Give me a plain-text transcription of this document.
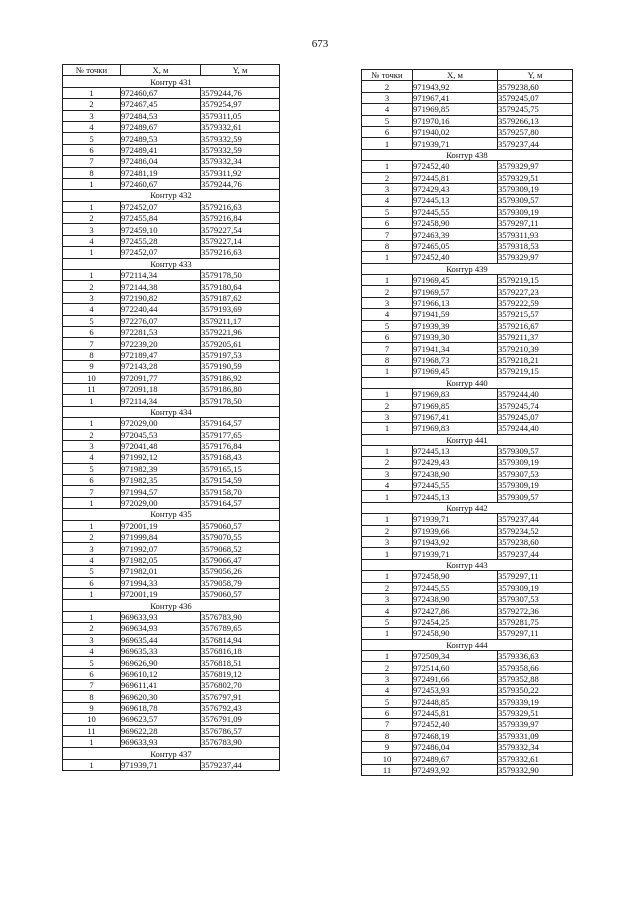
673
№ точки	X, м	Y, м
Контур 431		
1	972460,67	3579244,76
2	972467,45	3579254,97
3	972484,53	3579311,05
4	972489,67	3579332,61
5	972489,53	3579332,59
6	972489,41	3579332,59
7	972486,04	3579332,34
8	972481,19	3579311,92
1	972460,67	3579244,76
Контур 432		
1	972452,07	3579216,63
2	972455,84	3579216,84
3	972459,10	3579227,54
4	972455,28	3579227,14
1	972452,07	3579216,63
Контур 433		
1	972114,34	3579178,50
2	972144,38	3579180,64
3	972190,82	3579187,62
4	972240,44	3579193,69
5	972276,07	3579211,17
6	972281,53	3579221,96
7	972239,20	3579205,61
8	972189,47	3579197,53
9	972143,28	3579190,59
10	972091,77	3579186,92
11	972091,18	3579186,80
1	972114,34	3579178,50
Контур 434		
1	972029,00	3579164,57
2	972045,53	3579177,65
3	972041,48	3579176,84
4	971992,12	3579168,43
5	971982,39	3579165,15
6	971982,35	3579154,59
7	971994,57	3579158,70
1	972029,00	3579164,57
Контур 435		
1	972001,19	3579060,57
2	971999,84	3579070,55
3	971992,07	3579068,52
4	971982,05	3579066,47
5	971982,01	3579056,26
6	971994,33	3579058,79
1	972001,19	3579060,57
Контур 436		
1	969633,93	3576783,90
2	969634,93	3576789,65
3	969635,44	3576814,94
4	969635,33	3576816,18
5	969626,90	3576818,51
6	969610,12	3576819,12
7	969611,41	3576802,70
8	969620,30	3576797,91
9	969618,78	3576792,43
10	969623,57	3576791,09
11	969622,28	3576786,57
1	969633,93	3576783,90
Контур 437		
1	971939,71	3579237,44
№ точки	X, м	Y, м
2	971943,92	3579238,60
3	971967,41	3579245,07
4	971969,85	3579245,75
5	971970,16	3579266,13
6	971940,02	3579257,80
1	971939,71	3579237,44
Контур 438		
1	972452,40	3579329,97
2	972445,81	3579329,51
3	972429,43	3579309,19
4	972445,13	3579309,57
5	972445,55	3579309,19
6	972458,90	3579297,11
7	972463,39	3579311,93
8	972465,05	3579318,53
1	972452,40	3579329,97
Контур 439		
1	971969,45	3579219,15
2	971969,57	3579227,23
3	971966,13	3579222,59
4	971941,59	3579215,57
5	971939,39	3579216,67
6	971939,30	3579211,37
7	971941,34	3579210,39
8	971968,73	3579218,21
1	971969,45	3579219,15
Контур 440		
1	971969,83	3579244,40
2	971969,85	3579245,74
3	971967,41	3579245,07
1	971969,83	3579244,40
Контур 441		
1	972445,13	3579309,57
2	972429,43	3579309,19
3	972438,90	3579307,53
4	972445,55	3579309,19
1	972445,13	3579309,57
Контур 442		
1	971939,71	3579237,44
2	971939,66	3579234,52
3	971943,92	3579238,60
1	971939,71	3579237,44
Контур 443		
1	972458,90	3579297,11
2	972445,55	3579309,19
3	972438,90	3579307,53
4	972427,86	3579272,36
5	972454,25	3579281,75
1	972458,90	3579297,11
Контур 444		
1	972509,34	3579336,63
2	972514,60	3579358,66
3	972491,66	3579352,88
4	972453,93	3579350,22
5	972448,85	3579339,19
6	972445,81	3579329,51
7	972452,40	3579339,97
8	972468,19	3579331,09
9	972486,04	3579332,34
10	972489,67	3579332,61
11	972493,92	3579332,90
